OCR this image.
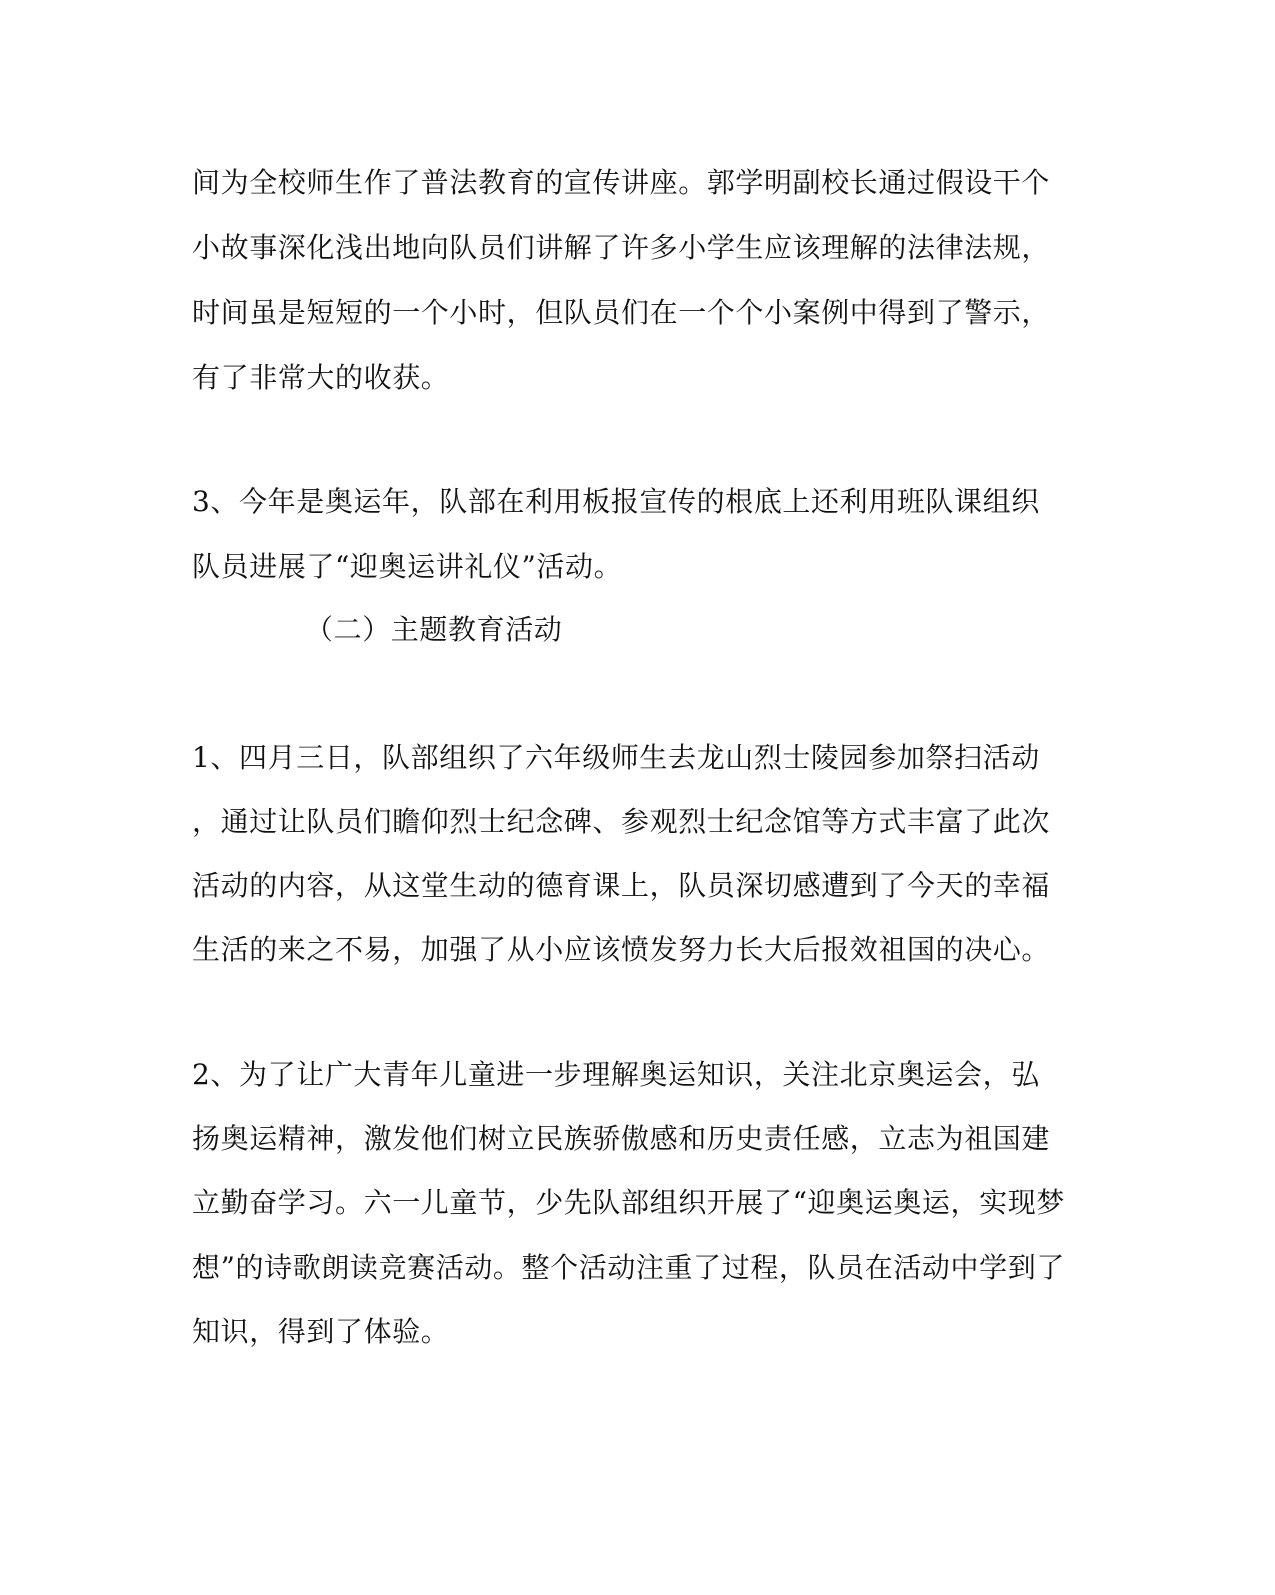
间为全校师生作了普法教育的宣传讲座。郭学明副校长通过假设干个
小故事深化浅出地向队员们讲解了许多小学生应该理解的法律法规，
时间虽是短短的一个小时，但队员们在一个个小案例中得到了警示，
有了非常大的收获。
3、今年是奥运年，队部在利用板报宣传的根底上还利用班队课组织
队员进展了“迎奥运讲礼仪”活动。
（二）主题教育活动
1、四月三日，队部组织了六年级师生去龙山烈士陵园参加祭扫活动
，通过让队员们瞻仰烈士纪念碑、参观烈士纪念馆等方式丰富了此次
活动的内容，从这堂生动的德育课上，队员深切感遭到了今天的幸福
生活的来之不易，加强了从小应该愤发努力长大后报效祖国的决心。
2、为了让广大青年儿童进一步理解奥运知识，关注北京奥运会，弘
扬奥运精神，激发他们树立民族骄傲感和历史责任感，立志为祖国建
立勤奋学习。六一儿童节，少先队部组织开展了“迎奥运奥运，实现梦
想”的诗歌朗读竞赛活动。整个活动注重了过程，队员在活动中学到了
知识，得到了体验。
